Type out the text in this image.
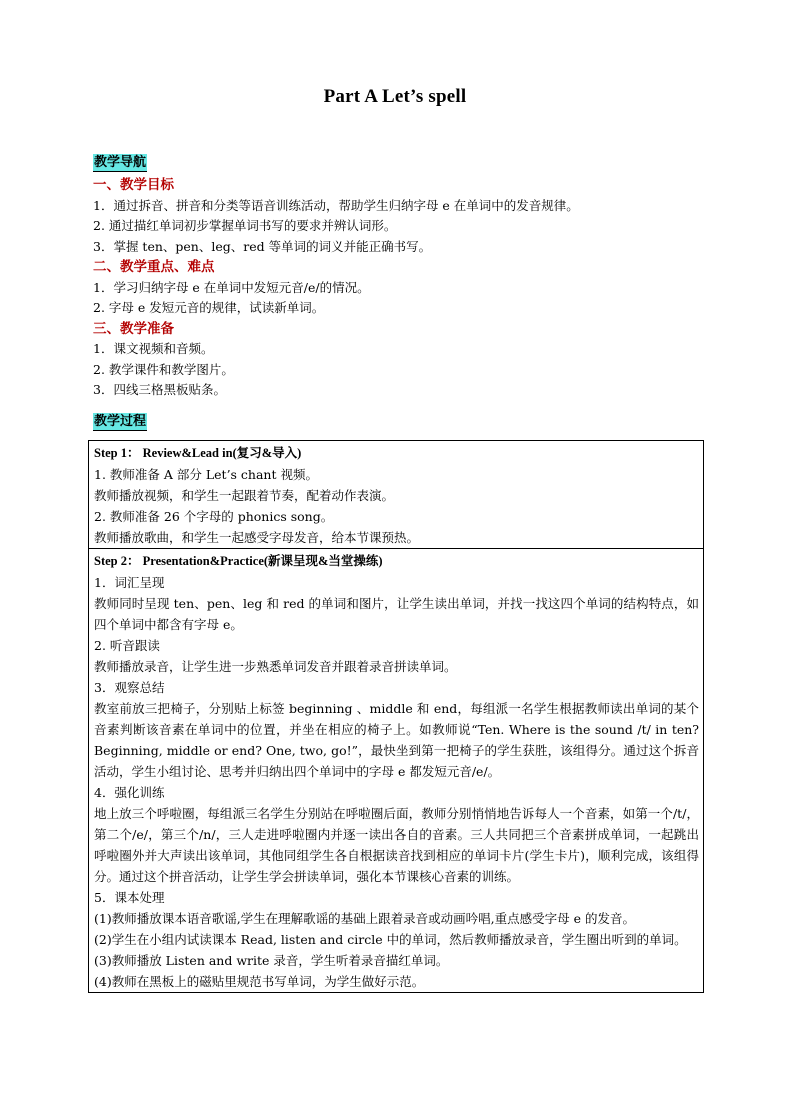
Part A Let’s spell
教学导航
一、教学目标
1．通过拆音、拼音和分类等语音训练活动，帮助学生归纳字母 e 在单词中的发音规律。
2. 通过描红单词初步掌握单词书写的要求并辨认词形。
3．掌握 ten、pen、leg、red 等单词的词义并能正确书写。
二、教学重点、难点
1．学习归纳字母 e 在单词中发短元音/e/的情况。
2. 字母 e 发短元音的规律，试读新单词。
三、教学准备
1．课文视频和音频。
2. 教学课件和教学图片。
3．四线三格黑板贴条。
教学过程
Step 1： Review&Lead in(复习&导入)
1. 教师准备 A 部分 Let’s chant 视频。
教师播放视频，和学生一起跟着节奏，配着动作表演。
2. 教师准备 26 个字母的 phonics song。
教师播放歌曲，和学生一起感受字母发音，给本节课预热。
Step 2： Presentation&Practice(新课呈现&当堂操练)
1．词汇呈现
教师同时呈现 ten、pen、leg 和 red 的单词和图片，让学生读出单词，并找一找这四个单词的结构特点，如四个单词中都含有字母 e。
2. 听音跟读
教师播放录音，让学生进一步熟悉单词发音并跟着录音拼读单词。
3．观察总结
教室前放三把椅子，分别贴上标签 beginning 、middle 和 end，每组派一名学生根据教师读出单词的某个音素判断该音素在单词中的位置，并坐在相应的椅子上。如教师说“Ten. Where is the sound /t/ in ten? Beginning, middle or end? One, two, go!”，最快坐到第一把椅子的学生获胜，该组得分。通过这个拆音活动，学生小组讨论、思考并归纳出四个单词中的字母 e 都发短元音/e/。
4．强化训练
地上放三个呼啦圈，每组派三名学生分别站在呼啦圈后面，教师分别悄悄地告诉每人一个音素，如第一个/t/，第二个/e/，第三个/n/，三人走进呼啦圈内并逐一读出各自的音素。三人共同把三个音素拼成单词，一起跳出呼啦圈外并大声读出该单词，其他同组学生各自根据读音找到相应的单词卡片(学生卡片)，顺利完成，该组得分。通过这个拼音活动，让学生学会拼读单词，强化本节课核心音素的训练。
5．课本处理
(1)教师播放课本语音歌谣,学生在理解歌谣的基础上跟着录音或动画吟唱,重点感受字母 e 的发音。
(2)学生在小组内试读课本 Read, listen and circle 中的单词，然后教师播放录音，学生圈出听到的单词。
(3)教师播放 Listen and write 录音，学生听着录音描红单词。
(4)教师在黑板上的磁贴里规范书写单词，为学生做好示范。
